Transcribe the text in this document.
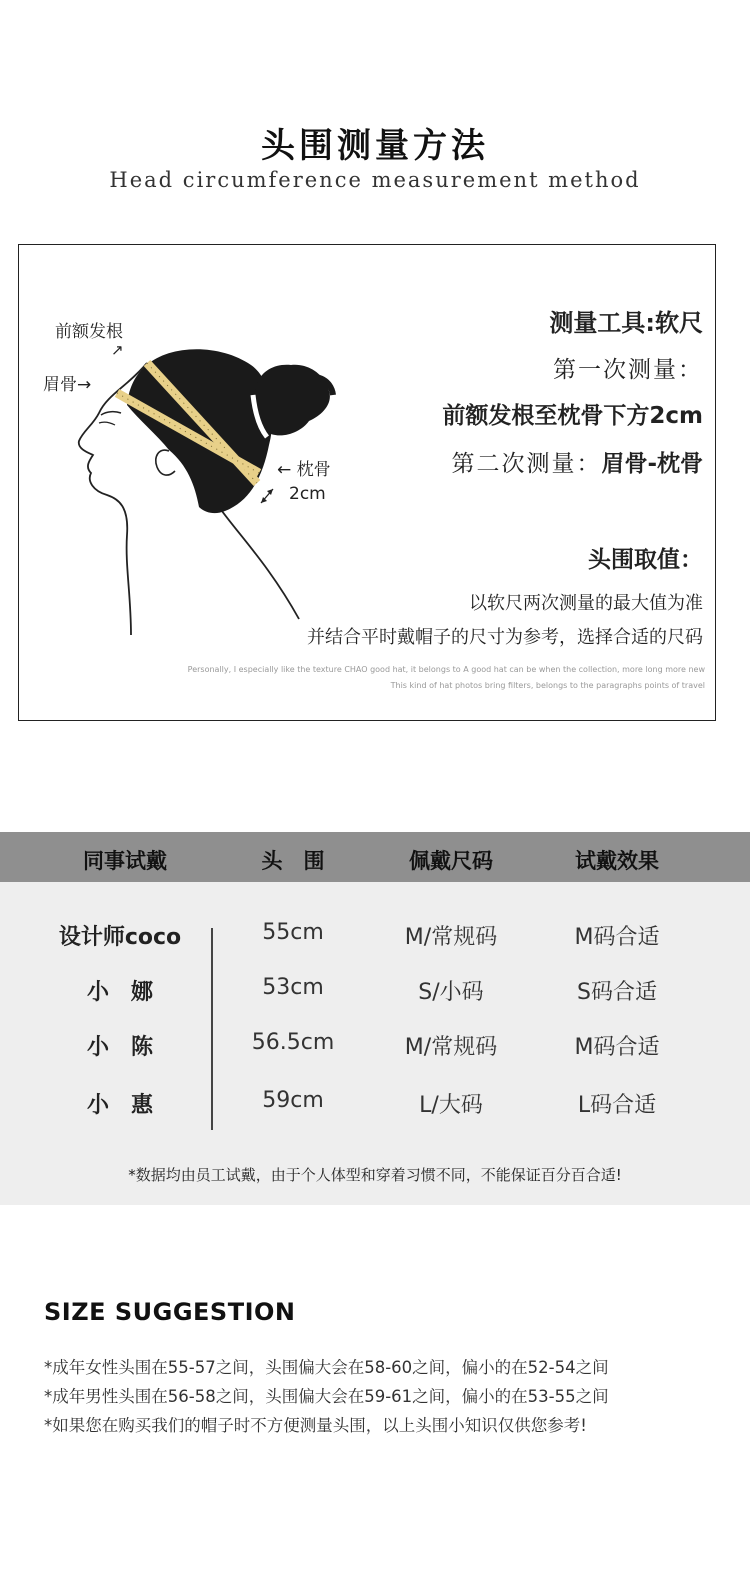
头围测量方法
Head circumference measurement method
前额发根
↗
眉骨→
← 枕骨
2cm
测量工具:软尺
第一次测量：
前额发根至枕骨下方2cm
第二次测量：眉骨-枕骨
头围取值：
以软尺两次测量的最大值为准
并结合平时戴帽子的尺寸为参考，选择合适的尺码
Personally, I especially like the texture CHAO good hat, it belongs to A good hat can be when the collection, more long more new
This kind of hat photos bring filters, belongs to the paragraphs points of travel
同事试戴	头　围	佩戴尺码	试戴效果
设计师coco	55cm	M/常规码	M码合适
小　娜	53cm	S/小码	S码合适
小　陈	56.5cm	M/常规码	M码合适
小　惠	59cm	L/大码	L码合适
*数据均由员工试戴，由于个人体型和穿着习惯不同，不能保证百分百合适!
SIZE SUGGESTION
*成年女性头围在55-57之间，头围偏大会在58-60之间，偏小的在52-54之间
*成年男性头围在56-58之间，头围偏大会在59-61之间，偏小的在53-55之间
*如果您在购买我们的帽子时不方便测量头围，以上头围小知识仅供您参考!
